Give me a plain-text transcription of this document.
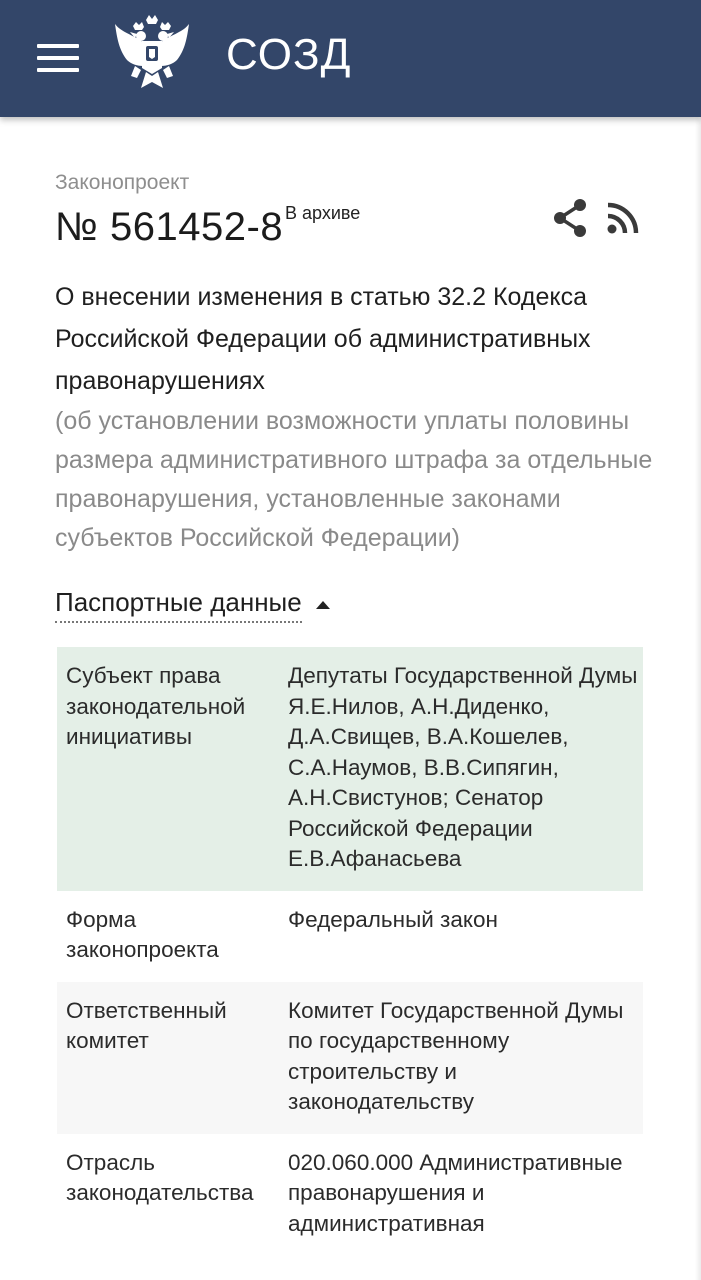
СОЗД
Законопроект
№ 561452-8 В архиве

О внесении изменения в статью 32.2 Кодекса Российской Федерации об административных правонарушениях

(об установлении возможности уплаты половины размера административного штрафа за отдельные правонарушения, установленные законами субъектов Российской Федерации)

Паспортные данные
Субъект права законодательной инициативы
Депутаты Государственной Думы Я.Е.Нилов, А.Н.Диденко, Д.А.Свищев, В.А.Кошелев, С.А.Наумов, В.В.Сипягин, А.Н.Свистунов; Сенатор Российской Федерации Е.В.Афанасьева
Форма законопроекта
Федеральный закон
Ответственный комитет
Комитет Государственной Думы по государственному строительству и законодательству
Отрасль законодательства
020.060.000 Административные правонарушения и административная
